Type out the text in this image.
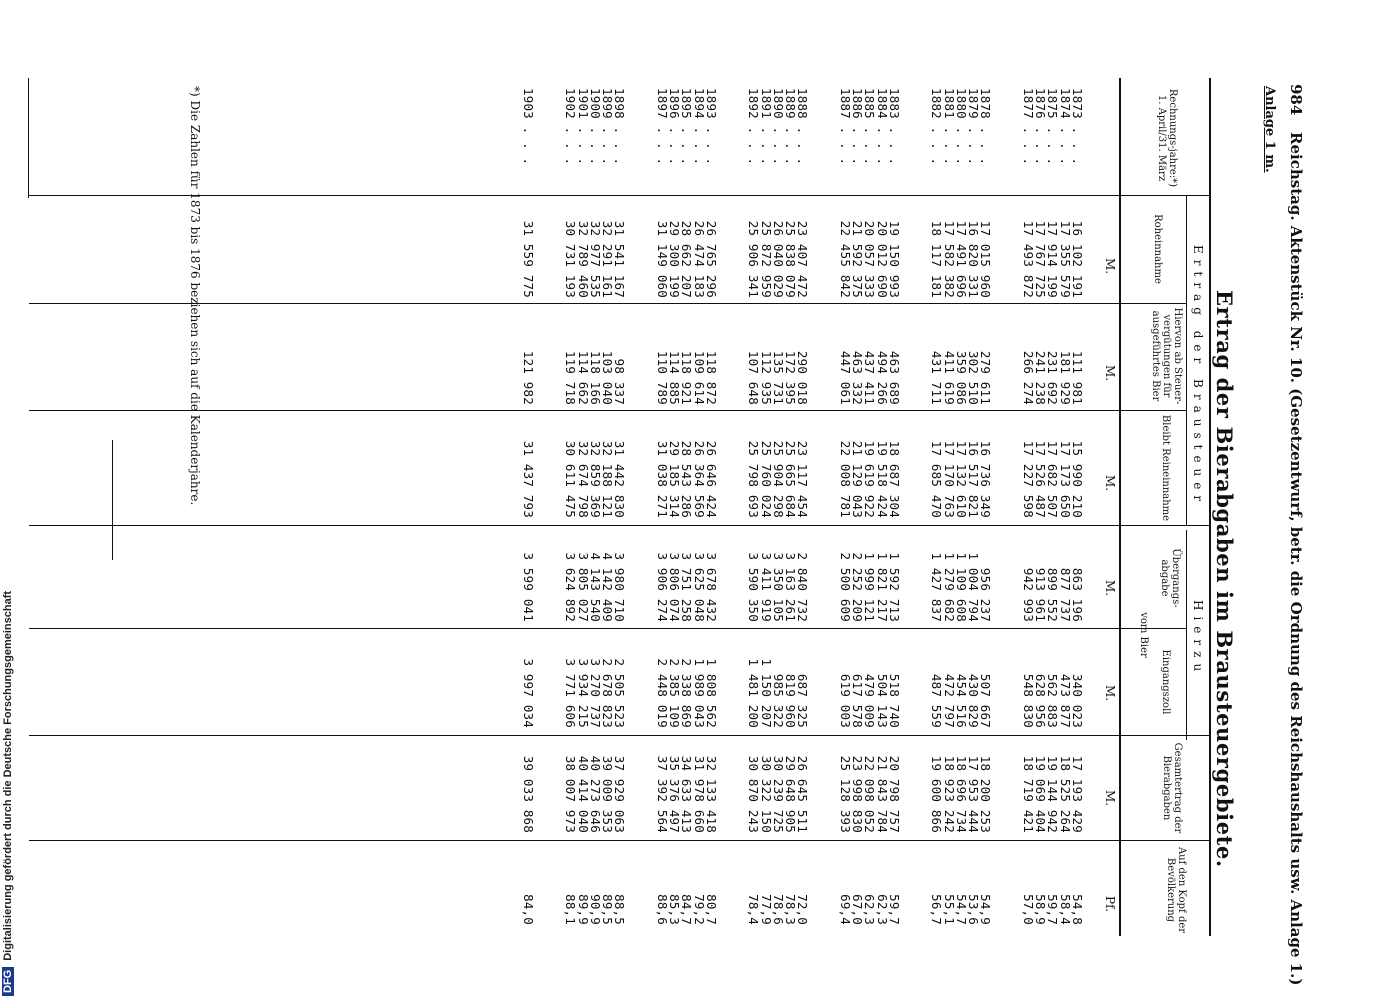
984
Reichstag. Aktenstück Nr. 10. (Gesetzentwurf, betr. die Ordnung des Reichshaushalts usw. Anlage 1.)
Anlage 1 m.
Ertrag der Bierabgaben im Brausteuergebiete.
Rechnungs-jahre:*) 1. April/31. März
Ertrag der Brausteuer
Roheinnahme
Hiervon ab Steuer-vergütungen für ausgeführtes Bier
Bleibt Reineinnahme
Hierzu
Übergangs-abgabe
vom Bier
Eingangszoll
Gesamtertrag der Bierabgaben
Auf den Kopf der Bevölkerung
M.
M.
M.
M.
M.
M.
Pf.
1873 . . .
16 102 191
111 981
15 990 210
863 196
340 023
17 193 429
54,8
1874 . . .
17 355 579
181 929
17 173 650
877 737
473 877
18 525 264
58,4
1875 . . .
17 914 199
231 692
17 682 507
899 552
562 883
19 144 942
59,7
1876 . . .
17 767 725
241 238
17 526 487
913 961
628 956
19 069 404
58,9
1877 . . .
17 493 872
266 274
17 227 598
942 993
548 830
18 719 421
57,0
1878 . . .
17 015 960
279 611
16 736 349
956 237
507 667
18 200 253
54,9
1879 . . .
16 820 331
302 510
16 517 821
1 004 794
430 829
17 953 444
53,6
1880 . . .
17 491 696
359 086
17 132 610
1 109 608
454 516
18 696 734
54,7
1881 . . .
17 582 382
411 619
17 170 763
1 279 682
472 797
18 923 242
55,1
1882 . . .
18 117 181
431 711
17 685 470
1 427 837
487 559
19 600 866
56,7
1883 . . .
19 150 993
463 689
18 687 304
1 592 713
518 740
20 798 757
59,7
1884 . . .
20 012 690
494 266
19 518 424
1 821 217
504 143
21 843 784
62,3
1885 . . .
20 057 333
437 411
19 619 922
1 999 121
479 009
22 098 052
62,3
1886 . . .
21 592 375
463 332
21 129 043
2 252 209
617 578
23 998 830
67,0
1887 . . .
22 455 842
447 061
22 008 781
2 500 609
619 003
25 128 393
69,4
1888 . . .
23 407 472
290 018
23 117 454
2 840 732
687 325
26 645 511
72,0
1889 . . .
25 838 079
172 395
25 665 684
3 163 261
819 960
29 648 905
78,3
1890 . . .
26 040 029
135 731
25 904 298
3 350 105
985 322
30 239 725
78,6
1891 . . .
25 872 959
112 935
25 760 024
3 411 919
1 150 207
30 322 150
77,9
1892 . . .
25 906 341
107 648
25 798 693
3 590 350
1 481 200
30 870 243
78,4
1893 . . .
26 765 296
118 872
26 646 424
3 678 432
1 808 562
32 133 418
80,7
1894 . . .
26 474 183
109 614
26 364 569
3 625 048
1 989 043
31 978 660
79,2
1895 . . .
28 662 207
118 921
28 543 286
3 751 258
2 338 869
34 633 413
84,7
1896 . . .
29 300 199
114 885
29 185 314
3 806 074
2 385 109
35 376 497
85,3
1897 . . .
31 149 060
110 789
31 038 271
3 906 274
2 448 019
37 392 564
88,6
1898 . . .
31 541 167
98 337
31 442 830
3 980 710
2 505 523
37 929 063
88,5
1899 . . .
32 291 161
103 040
32 188 121
4 142 409
2 678 823
39 009 353
89,5
1900 . . .
32 977 535
118 166
32 859 369
4 143 540
3 270 737
40 273 646
90,9
1901 . . .
32 789 460
114 662
32 674 798
3 805 027
3 934 215
40 414 040
89,9
1902 . . .
30 731 193
119 718
30 611 475
3 624 892
3 771 606
38 007 973
88,1
1903 . . .
31 559 775
121 982
31 437 793
3 599 041
3 997 034
39 033 868
84,0
*) Die Zahlen für 1873 bis 1876 beziehen sich auf die Kalenderjahre.
DFGDigitalisierung gefördert durch die Deutsche Forschungsgemeinschaft
